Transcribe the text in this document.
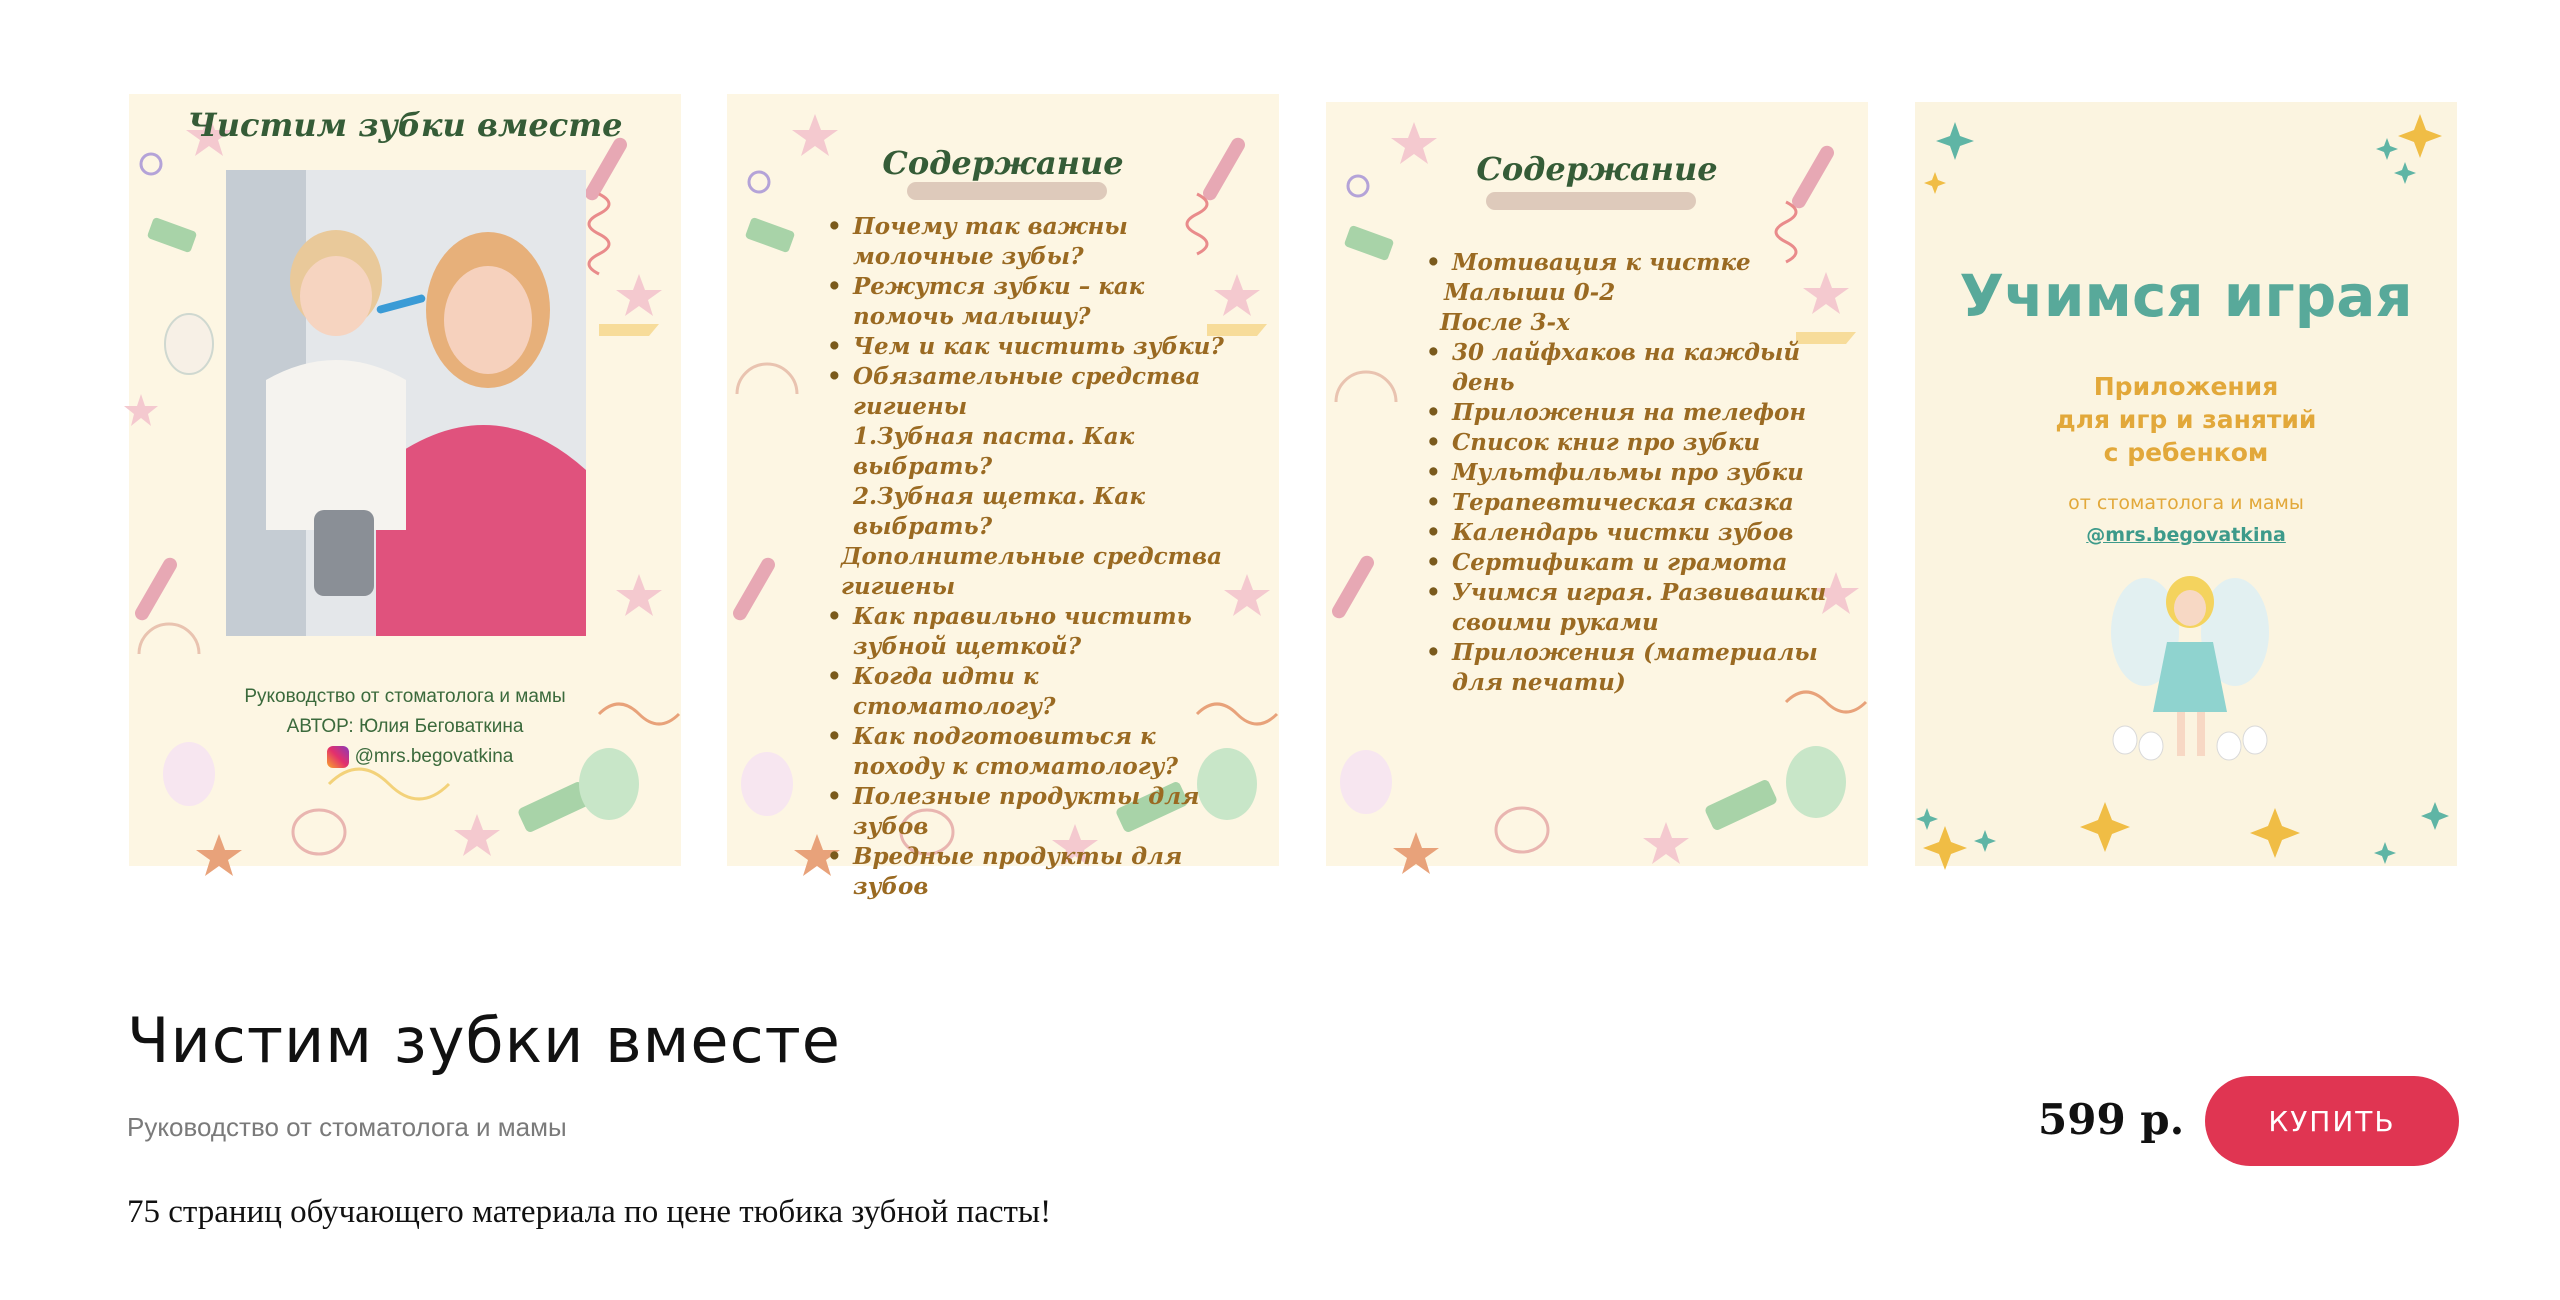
Чистим зубки вместе
Руководство от стоматолога и мамы
АВТОР: Юлия Беговаткина
@mrs.begovatkina
Содержание
• Почему так важны молочные зубы?
• Режутся зубки – как помочь малышу?
• Чем и как чистить зубки?
• Обязательные средства гигиены
1.Зубная паста. Как выбрать?
2.Зубная щетка. Как выбрать?
Дополнительные средства гигиены
• Как правильно чистить зубной щеткой?
• Когда идти к стоматологу?
• Как подготовиться к походу к стоматологу?
• Полезные продукты для зубов
• Вредные продукты для зубов
Содержание
• Мотивация к чистке
Малыши 0-2
После 3-х
• 30 лайфхаков на каждый день
• Приложения на телефон
• Список книг про зубки
• Мультфильмы про зубки
• Терапевтическая сказка
• Календарь чистки зубов
• Сертификат и грамота
• Учимся играя. Развивашки своими руками
• Приложения (материалы для печати)
Учимся играя
Приложения
для игр и занятий
с ребенком
от стоматолога и мамы
@mrs.begovatkina
Чистим зубки вместе
Руководство от стоматолога и мамы
75 страниц обучающего материала по цене тюбика зубной пасты!
599 р.	КУПИТЬ
